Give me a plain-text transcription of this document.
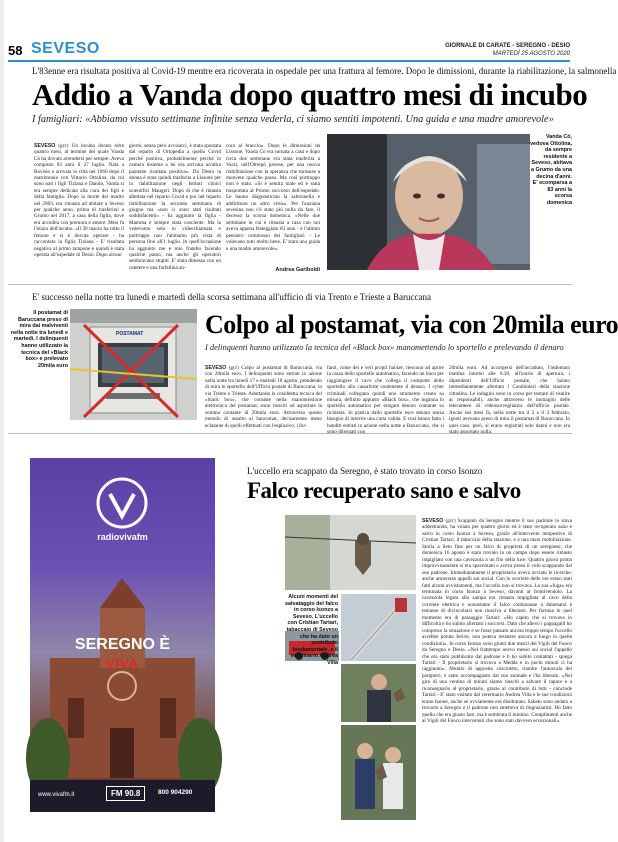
58 SEVESO	GIORNALE DI CARATE - SEREGNO - DESIO
MARTEDÌ 25 AGOSTO 2020
L'83enne era risultata positiva al Covid-19 mentre era ricoverata in ospedale per una frattura al femore. Dopo le dimissioni, durante la riabilitazione, la salmonella
Addio a Vanda dopo quattro mesi di incubo
I famigliari: «Abbiamo vissuto settimane infinite senza vederla, ci siamo sentiti impotenti. Una guida e una madre amorevole»
SEVESO (gcr) Un incubo durato oltre quattro mesi, al termine del quale Vanda Cò ha dovuto arrendersi per sempre. Aveva compiuto 83 anni il 27 luglio. Nata a Bovisio e arrivata in città nel 1960 dopo il matrimonio con Vittorio Ottolina, da cui sono nati i figli Tiziana e Danilo, Vanda si era sempre dedicata alla cura dei figli e della famiglia. Dopo la morte del marito nel 2003, era rimasta ad abitare a Seveso per qualche anno, prima di trasferirsi a Grumo nel 2017, a casa della figlia, dove era accudita con premura e amore. Mesi fa l'inizio dell'incubo. «Il 30 marzo ha rotto il femore e si è dovuta operare - ha raccontato la figlia Tiziana - E' risultata negativa al primo tampone e quindi è stata operata all'ospedale di Desio. Dopo alcuni
giorni, senza però avvisarci, è stata spostata dal reparto di Ortopedia a quello Covid perché positiva, probabilmente perché in camera insieme a lei era arrivata un'altra paziente risultata positiva». Da Desio la donna è stata quindi trasferita a Lissone per la riabilitazione negli Istituti clinici scientifici Maugeri. Dopo di che è rimasta allettata nel reparto Covid e poi nel reparto riabilitazione la seconda settimana di giugno ma «non ci sono stati risultati soddisfacenti» - ha aggiunto la figlia - Mamma è sempre stata coscientе. Ma la vedevamo solo in videochiamata e purtroppo non l'abbiamo più vista di persona fino all'1 luglio. In quell'occasione ha aggiunto me e mio fratello facendo qualche passo, ma anche gli operatori sembravano stupiti. E' stata dimessa con un catetere e una farfallina an-
cora al braccio». Dopo le dimissioni da Lissone, Vanda Cò era tornata a casa e dopo circa due settimane era stata trasferita a Varzi, nell'Oltrepò pavese, per una nuova riabilitazione con la speranza che tornasse a muovere qualche passo. Ma così purtroppo non è stato. «Si è sentita male ed è stata trasportata al Pronto soccorso dell'ospedale. Le hanno diagnosticato la salmonella e addirittura un altro virus». Per l'anziana sevesina non c'è stato più nulla da fare, il decesso la scorsa domenica. «Nelle due settimane in cui è rimasta a casa con noi aveva appena festeggiato 83 anni - è l'ultimo pensiero commosso dei famigliari - Le volevano tutti molto bene. E' stata una guida e una madre amorevole».
Andrea Gariboldi
Vanda Cò, vedova Ottolina, da sempre residente a Seveso, abitava a Grumo da una decina d'anni. E' scomparsa a 83 anni la scorsa domenica
E' successo nella notte tra lunedì e martedì della scorsa settimana all'ufficio di via Trento e Trieste a Baruccana
Il postamat di Baruccana preso di mira dai malviventi nella notte tra lunedì e martedì. I delinquenti hanno utilizzato la tecnica del «Black box» e prelevato 20mila euro
POSTAMAT Colpo al postamat, via con 20mila euro
I delinquenti hanno utilizzato la tecnica del «Black box» manomettendo lo sportello e prelevando il denaro
SEVESO (gcr) Colpo al postamat di Baruccana, via con 20mila euro. I delinquenti sono entrati in azione nella notte tra lunedì 17 e martedì 18 agosto, prendendo di mira lo sportello dell'Ufficio postale di Baruccana, in via Trento e Trieste. Adottando la cosiddetta tecnica del «black box», che consiste nella manomissione elettronica del postamat, sono riusciti ad asportare la somma contante di 20mila euro. Attraverso questo metodo di assalto ai bancomat, decisamente meno eclatante di quelli effettuati con l'esplosivo, i fur-
fanti, come dei e veri propri hacker, riescono ad aprire la cassa dello sportello automatico, facendo un buco per raggiungere il cavo che collega il computer dello sportello alla cassaforte contenente il denaro. I cyber criminali collegano quindi uno strumento creato su misura, definito appunto «Black box», che inganna lo sportello automatico per erogare denaro contante su richiesta. In pratica dallo sportello esce denaro senza bisogno di inserire una carta valida. E così hanno fatto i banditi entrati in azione nella notte a Baruccana, che si
20mila euro. Ad accorgersi dell'accaduto, l'indomani mattina intorno alle 8.30, all'orario di apertura, i dipendenti dell'Ufficio postale, che hanno immediatamente allertato i Carabinieri della stazione cittadina. Le indagini sono in corso per tentare di risalire ai responsabili, anche attraverso le immagini delle telecamere di videosorveglianza dell'ufficio postale. Anche nei mesi fa, nella notte tra il 2 e il 3 febbraio, ignoti avevano preso di mira il postamat di Baruccana. In quel caso, però, si erano registrati solo danni e non era
radiovivafm
SEREGNO È
VIVA
www.vivafm.it	FM 90.8	800 904290
L'uccello era scappato da Seregno, è stato trovato in corso Isonzo
Falco recuperato sano e salvo
Alcuni momenti del salvataggio del falco in corso Isonzo a Seveso. L'uccello con Cristian Tartari, tabaccaio di Seveso che ha dato un contributo fondamentale, e il veterinario Andrea Villa
SEVESO (gcr) Scappato da Seregno mentre il suo padrone lo stava addestrando, ha volato per quattro giorni ed è stato recuperato sano e salvo in corso Isonzo a Seveso, grazie all'intervento tempestivo di Cristian Tartari, il tabaccaio della stazione, e a una maxi mobilitazione. Storia a lieto fine per un falco di proprietà di un seregnese, che domenica 16 agosto è stato trovato in un campo dopo essere rimasto impigliato con una cavezzola a un filo della luce. Quattro giorni prima improvvisamente si era spaventato e aveva preso il volo scappando dal suo padrone. Immediatamente il proprietario aveva avviato le ricerche, anche attraverso appelli sui social. Con lo scorrere delle ore erano stati fatti alcuni avvistamenti, ma l'uccello non si trovava. La sua «fuga» era terminata in corso Isonzo a Seveso, davanti al frontivendolo. La cavezzola legata alla zampa era rimasta impigliata al cavo della corrente elettrica e nonostante il falco continuasse a dimenarsi e tentasse di divincolarsi non riusciva a liberarsi. Per fortuna in quel momento era di passaggio Tartari: «Ho capito che si trovava in difficoltà e ho subito allertato i soccorsi. Dato che allevo i pappagalli ho compreso la situazione e se fosse passato ancora troppo tempo l'uccello avrebbe potuto ferirsi, non poteva resistere ancora a lungo in quelle condizioni». In corso Isonzo sono giunti due mezzi dei Vigili del Fuoco da Seregno e Desio. «Nel frattempo avevo messo sui social l'appello che era stato pubblicato dal padrone e li ho subito contattati - spiega Tartari - Il proprietario si trovava a Medda e in pochi minuti ci ha raggiunto». Munito di apposito cuscinetto, tramite l'autoscala dei pompieri, è stato accompagnato dal suo animale e l'ha liberato. «Nel giro di una ventina di minuti siamo riusciti a salvare il rapace e a riconsegnarlo al proprietario, grazie al contributo di tutti - conclude Tartari - E' stato visitato dal veterinario Andrea Villa e le sue condizioni erano buone, anche se ovviamente era disidratato. Sabato sono andato a trovarlo a Seregno e il padrone non smetteva di ringraziarmi. Ho fatto quello che era giusto fare, ma è sembrata il minimo. Complimenti anche ai Vigili del Fuoco intervenuti che sono stati davvero eccezionali».
